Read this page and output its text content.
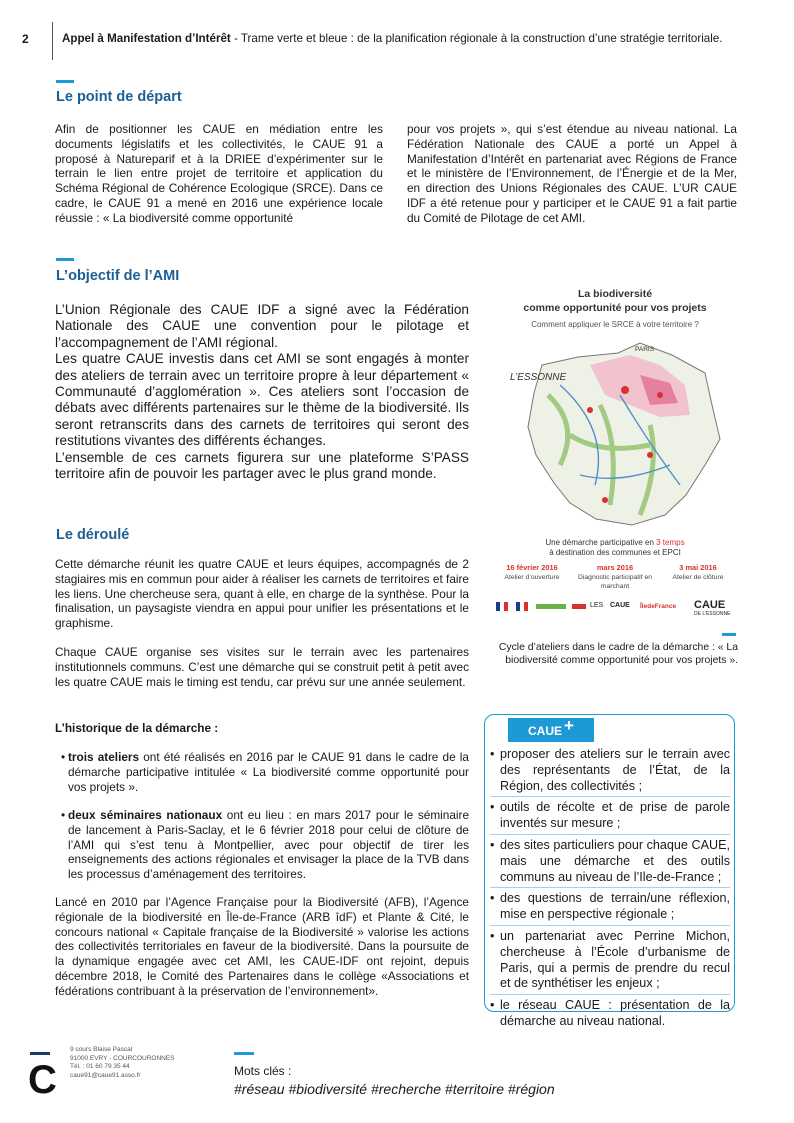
2	Appel à Manifestation d’Intérêt - Trame verte et bleue : de la planification régionale à la construction d’une stratégie territoriale.
Le point de départ

Afin de positionner les CAUE en médiation entre les documents législatifs et les collectivités, le CAUE 91 a proposé à Natureparif et à la DRIEE d’expérimenter sur le terrain le lien entre projet de territoire et application du Schéma Régional de Cohérence Ecologique (SRCE). Dans ce cadre, le CAUE 91 a mené en 2016 une expérience locale réussie : « La biodiversité comme opportunité

pour vos projets », qui s’est étendue au niveau national. La Fédération Nationale des CAUE a porté un Appel à Manifestation d’Intérêt en partenariat avec Régions de France et le ministère de l’Environnement, de l’Énergie et de la Mer, en direction des Unions Régionales des CAUE. L’UR CAUE IDF a été retenue pour y participer et le CAUE 91 a fait partie du Comité de Pilotage de cet AMI.

L’objectif de l’AMI

L’Union Régionale des CAUE IDF a signé avec la Fédération Nationale des CAUE une convention pour le pilotage et l’accompagnement de l’AMI régional.

Les quatre CAUE investis dans cet AMI se sont engagés à monter des ateliers de terrain avec un territoire propre à leur département « Communauté d’agglomération ». Ces ateliers sont l’occasion de débats avec différents partenaires sur le thème de la biodiversité. Ils seront retranscrits dans des carnets de territoires qui seront des restitutions vivantes des différents échanges.

L’ensemble de ces carnets figurera sur une plateforme S’PASS territoire afin de pouvoir les partager avec le plus grand monde.

Le déroulé

Cette démarche réunit les quatre CAUE et leurs équipes, accompagnés de 2 stagiaires mis en commun pour aider à réaliser les carnets de territoires et faire les liens. Une chercheuse sera, quant à elle, en charge de la synthèse. Pour la finalisation, un paysagiste viendra en appui pour unifier les présentations et le graphisme.

Chaque CAUE organise ses visites sur le terrain avec les partenaires institutionnels communs. C’est une démarche qui se construit petit à petit avec les quatre CAUE mais le timing est tendu, car prévu sur une année seulement.

L’historique de la démarche :
• trois ateliers ont été réalisés en 2016 par le CAUE 91 dans le cadre de la démarche participative intitulée « La biodiversité comme opportunité pour vos projets ».
• deux séminaires nationaux ont eu lieu : en mars 2017 pour le séminaire de lancement à Paris-Saclay, et le 6 février 2018 pour celui de clôture de l’AMI qui s’est tenu à Montpellier, avec pour objectif de tirer les enseignements des actions régionales et envisager la place de la TVB dans les processus d’aménagement des territoires.

Lancé en 2010 par l’Agence Française pour la Biodiversité (AFB), l’Agence régionale de la biodiversité en Île-de-France (ARB îdF) et Plante & Cité, le concours national « Capitale française de la Biodiversité » valorise les actions des collectivités territoriales en faveur de la biodiversité. Dans la poursuite de la dynamique engagée avec cet AMI, les CAUE-IDF ont rejoint, depuis décembre 2018, le Comité des Partenaires dans le collège «Associations et fédérations contribuant à la préservation de l’environnement».

La biodiversité
comme opportunité pour vos projets
Comment appliquer le SRCE à votre territoire ?
L’ESSONNE
PARIS
Une démarche participative en 3 temps
à destination des communes et EPCI
16 février 2016
Atelier d’ouverture
mars 2016
Diagnostic participatif en marchant
3 mai 2016
Atelier de clôture
LES CAUE ÎledeFrance CAUE
DE L’ESSONNE
Cycle d’ateliers dans le cadre de la démarche : « La biodiversité comme opportunité pour vos projets ».
CAUE +
• proposer des ateliers sur le terrain avec des représentants de l’État, de la Région, des collectivités ;
• outils de récolte et de prise de parole inventés sur mesure ;
• des sites particuliers pour chaque CAUE, mais une démarche et des outils communs au niveau de l’Ile-de-France ;
• des questions de terrain/une réflexion, mise en perspective régionale ;
• un partenariat avec Perrine Michon, chercheuse à l’École d’urbanisme de Paris, qui a permis de prendre du recul et de synthétiser les enjeux ;
• le réseau CAUE : présentation de la démarche au niveau national.
C
9 cours Blaise Pascal
91000 EVRY - COURCOURONNES
Tél. : 01 60 79 35 44
caue91@caue91.asso.fr	Mots clés :
#réseau #biodiversité #recherche #territoire #région
